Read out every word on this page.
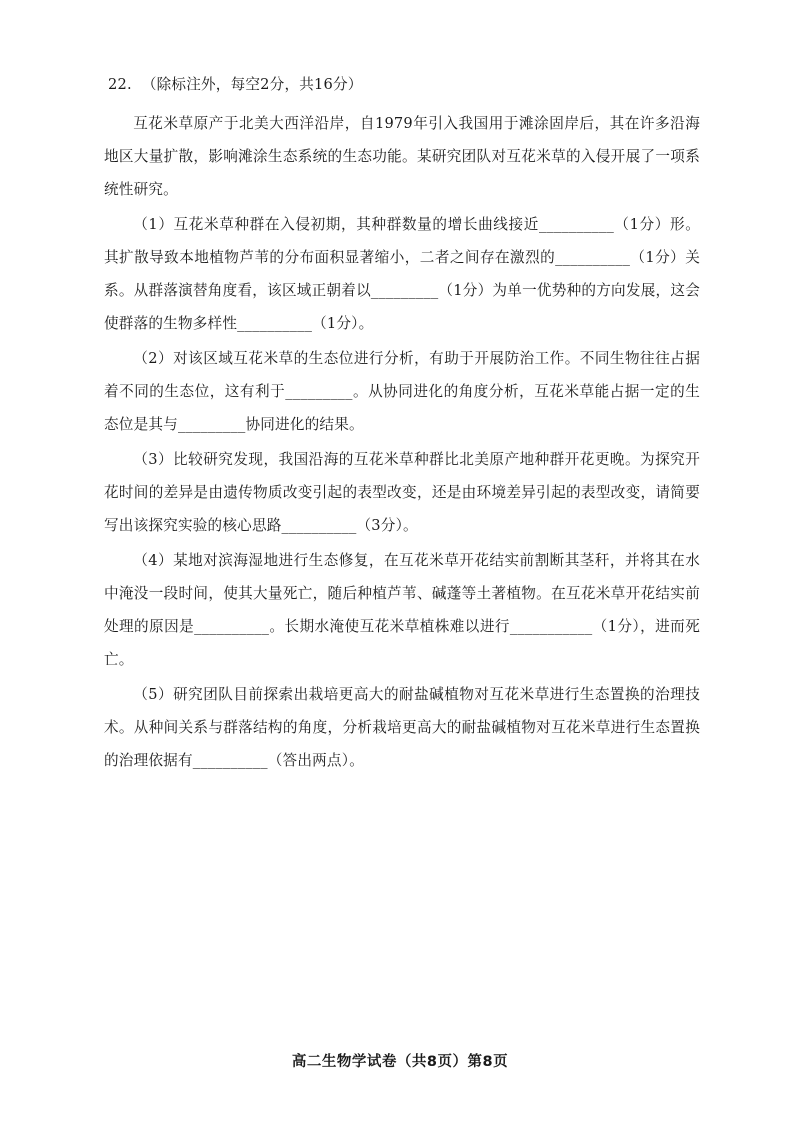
22. （除标注外，每空2分，共16分）

互花米草原产于北美大西洋沿岸，自1979年引入我国用于滩涂固岸后，其在许多沿海地区大量扩散，影响滩涂生态系统的生态功能。某研究团队对互花米草的入侵开展了一项系统性研究。

（1）互花米草种群在入侵初期，其种群数量的增长曲线接近__________（1分）形。其扩散导致本地植物芦苇的分布面积显著缩小，二者之间存在激烈的__________（1分）关系。从群落演替角度看，该区域正朝着以_________（1分）为单一优势种的方向发展，这会使群落的生物多样性__________（1分）。

（2）对该区域互花米草的生态位进行分析，有助于开展防治工作。不同生物往往占据着不同的生态位，这有利于_________。从协同进化的角度分析，互花米草能占据一定的生态位是其与_________协同进化的结果。

（3）比较研究发现，我国沿海的互花米草种群比北美原产地种群开花更晚。为探究开花时间的差异是由遗传物质改变引起的表型改变，还是由环境差异引起的表型改变，请简要写出该探究实验的核心思路__________（3分）。

（4）某地对滨海湿地进行生态修复，在互花米草开花结实前割断其茎秆，并将其在水中淹没一段时间，使其大量死亡，随后种植芦苇、碱蓬等土著植物。在互花米草开花结实前处理的原因是__________。长期水淹使互花米草植株难以进行___________（1分），进而死亡。

（5）研究团队目前探索出栽培更高大的耐盐碱植物对互花米草进行生态置换的治理技术。从种间关系与群落结构的角度，分析栽培更高大的耐盐碱植物对互花米草进行生态置换的治理依据有__________（答出两点）。

高二生物学试卷（共8页）第8页
